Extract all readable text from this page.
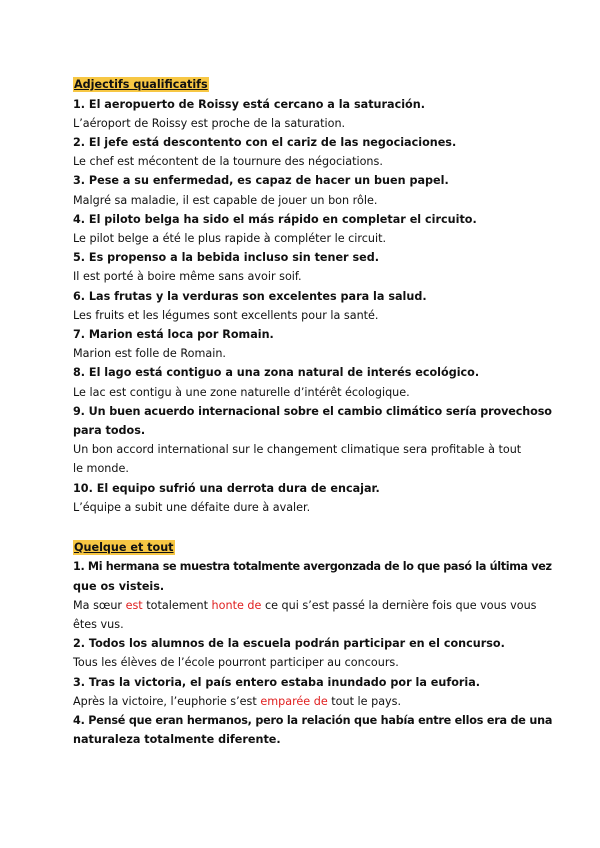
Adjectifs qualificatifs
1. El aeropuerto de Roissy está cercano a la saturación.
L’aéroport de Roissy est proche de la saturation.
2. El jefe está descontento con el cariz de las negociaciones.
Le chef est mécontent de la tournure des négociations.
3. Pese a su enfermedad, es capaz de hacer un buen papel.
Malgré sa maladie, il est capable de jouer un bon rôle.
4. El piloto belga ha sido el más rápido en completar el circuito.
Le pilot belge a été le plus rapide à compléter le circuit.
5. Es propenso a la bebida incluso sin tener sed.
Il est porté à boire même sans avoir soif.
6. Las frutas y la verduras son excelentes para la salud.
Les fruits et les légumes sont excellents pour la santé.
7. Marion está loca por Romain.
Marion est folle de Romain.
8. El lago está contiguo a una zona natural de interés ecológico.
Le lac est contigu à une zone naturelle d’intérêt écologique.
9. Un buen acuerdo internacional sobre el cambio climático sería provechoso
para todos.
Un bon accord international sur le changement climatique sera profitable à tout
le monde.
10. El equipo sufrió una derrota dura de encajar.
L’équipe a subit une défaite dure à avaler.
Quelque et tout
1. Mi hermana se muestra totalmente avergonzada de lo que pasó la última vez
que os visteis.
Ma sœur est totalement honte de ce qui s’est passé la dernière fois que vous vous
êtes vus.
2. Todos los alumnos de la escuela podrán participar en el concurso.
Tous les élèves de l’école pourront participer au concours.
3. Tras la victoria, el país entero estaba inundado por la euforia.
Après la victoire, l’euphorie s’est emparée de tout le pays.
4. Pensé que eran hermanos, pero la relación que había entre ellos era de una
naturaleza totalmente diferente.
